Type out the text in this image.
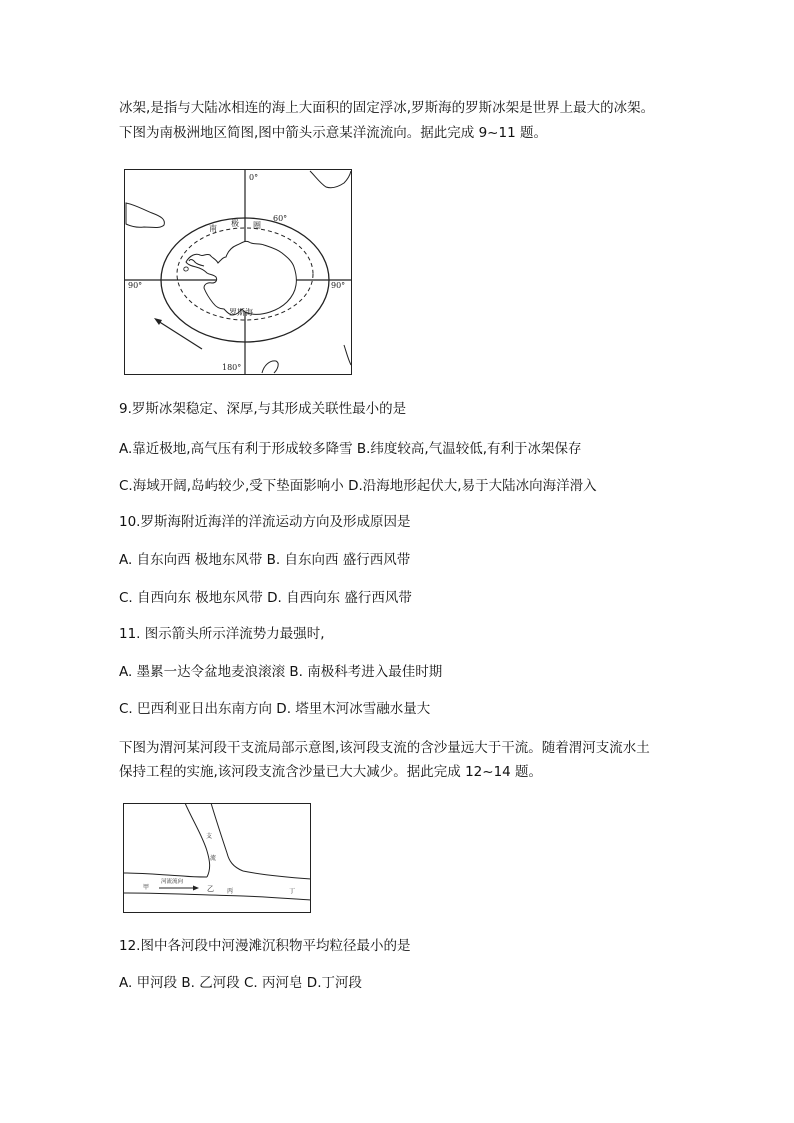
冰架,是指与大陆冰相连的海上大面积的固定浮冰,罗斯海的罗斯冰架是世界上最大的冰架。
下图为南极洲地区简图,图中箭头示意某洋流流向。据此完成 9~11 题。
0°
60°
南
极 圈
90°	90°
罗斯海
180°
9.罗斯冰架稳定、深厚,与其形成关联性最小的是
A.靠近极地,高气压有利于形成较多降雪 B.纬度较高,气温较低,有利于冰架保存
C.海域开阔,岛屿较少,受下垫面影响小 D.沿海地形起伏大,易于大陆冰向海洋滑入
10.罗斯海附近海洋的洋流运动方向及形成原因是
A. 自东向西 极地东风带 B. 自东向西 盛行西风带
C. 自西向东 极地东风带 D. 自西向东 盛行西风带
11. 图示箭头所示洋流势力最强时,
A. 墨累一达令盆地麦浪滚滚 B. 南极科考进入最佳时期
C. 巴西利亚日出东南方向 D. 塔里木河冰雪融水量大
下图为渭河某河段干支流局部示意图,该河段支流的含沙量远大于干流。随着渭河支流水土
保持工程的实施,该河段支流含沙量已大大减少。据此完成 12~14 题。
支
流
河流流向
甲	乙 丙	丁
12.图中各河段中河漫滩沉积物平均粒径最小的是
A. 甲河段 B. 乙河段 C. 丙河皂 D.丁河段
